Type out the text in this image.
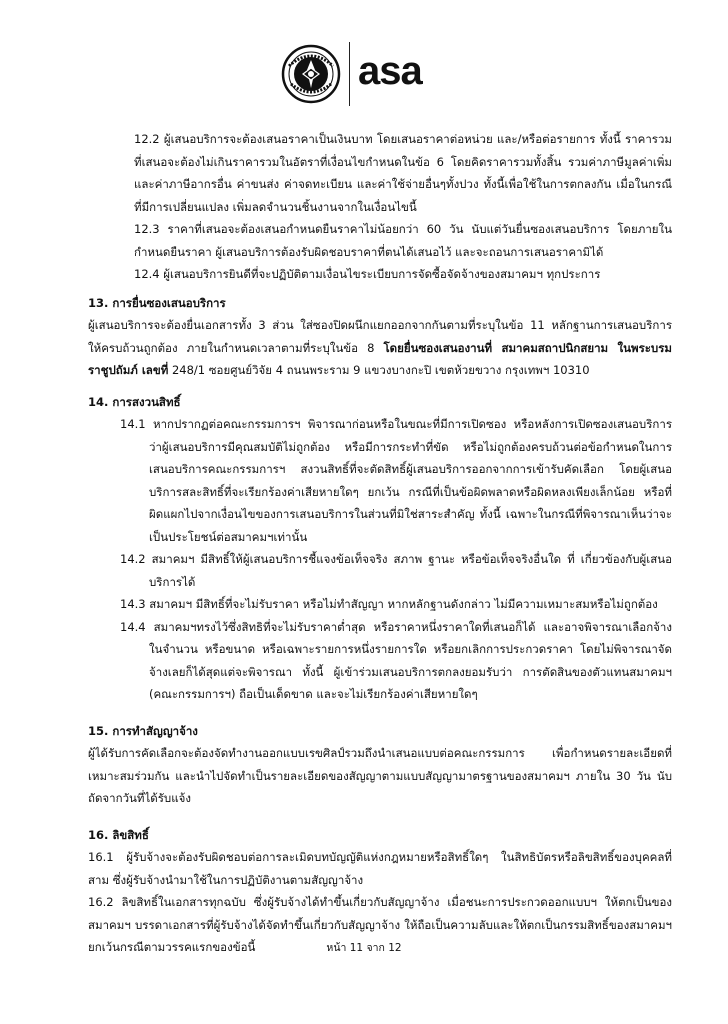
asa

12.2 ผู้เสนอบริการจะต้องเสนอราคาเป็นเงินบาท โดยเสนอราคาต่อหน่วย และ/หรือต่อรายการ ทั้งนี้ ราคารวมที่เสนอจะต้องไม่เกินราคารวมในอัตราที่เงื่อนไขกำหนดในข้อ 6 โดยคิดราคารวมทั้งสิ้น รวมค่าภาษีมูลค่าเพิ่ม และค่าภาษีอากรอื่น ค่าขนส่ง ค่าจดทะเบียน และค่าใช้จ่ายอื่นๆทั้งปวง ทั้งนี้เพื่อใช้ในการตกลงกัน เมื่อในกรณีที่มีการเปลี่ยนแปลง เพิ่มลดจำนวนชิ้นงานจากในเงื่อนไขนี้

12.3 ราคาที่เสนอจะต้องเสนอกำหนดยืนราคาไม่น้อยกว่า 60 วัน นับแต่วันยื่นซองเสนอบริการ โดยภายในกำหนดยืนราคา ผู้เสนอบริการต้องรับผิดชอบราคาที่ตนได้เสนอไว้ และจะถอนการเสนอราคามิได้

12.4 ผู้เสนอบริการยินดีที่จะปฏิบัติตามเงื่อนไขระเบียบการจัดซื้อจัดจ้างของสมาคมฯ ทุกประการ

13. การยื่นซองเสนอบริการ

ผู้เสนอบริการจะต้องยื่นเอกสารทั้ง 3 ส่วน ใส่ซองปิดผนึกแยกออกจากกันตามที่ระบุในข้อ 11 หลักฐานการเสนอบริการ ให้ครบถ้วนถูกต้อง ภายในกำหนดเวลาตามที่ระบุในข้อ 8 โดยยื่นซองเสนองานที่ สมาคมสถาปนิกสยาม ในพระบรมราชูปถัมภ์ เลขที่ 248/1 ซอยศูนย์วิจัย 4 ถนนพระราม 9 แขวงบางกะปิ เขตห้วยขวาง กรุงเทพฯ 10310

14. การสงวนสิทธิ์

14.1 หากปรากฏต่อคณะกรรมการฯ พิจารณาก่อนหรือในขณะที่มีการเปิดซอง หรือหลังการเปิดซองเสนอบริการว่าผู้เสนอบริการมีคุณสมบัติไม่ถูกต้อง หรือมีการกระทำที่ขัด หรือไม่ถูกต้องครบถ้วนต่อข้อกำหนดในการเสนอบริการคณะกรรมการฯ สงวนสิทธิ์ที่จะตัดสิทธิ์ผู้เสนอบริการออกจากการเข้ารับคัดเลือก โดยผู้เสนอบริการสละสิทธิ์ที่จะเรียกร้องค่าเสียหายใดๆ ยกเว้น กรณีที่เป็นข้อผิดพลาดหรือผิดหลงเพียงเล็กน้อย หรือที่ผิดแผกไปจากเงื่อนไขของการเสนอบริการในส่วนที่มิใช่สาระสำคัญ ทั้งนี้ เฉพาะในกรณีที่พิจารณาเห็นว่าจะเป็นประโยชน์ต่อสมาคมฯเท่านั้น

14.2 สมาคมฯ มีสิทธิ์ให้ผู้เสนอบริการชี้แจงข้อเท็จจริง สภาพ ฐานะ หรือข้อเท็จจริงอื่นใด ที่ เกี่ยวข้องกับผู้เสนอบริการได้

14.3 สมาคมฯ มีสิทธิ์ที่จะไม่รับราคา หรือไม่ทำสัญญา หากหลักฐานดังกล่าว ไม่มีความเหมาะสมหรือไม่ถูกต้อง

14.4 สมาคมฯทรงไว้ซึ่งสิทธิที่จะไม่รับราคาต่ำสุด หรือราคาหนึ่งราคาใดที่เสนอก็ได้ และอาจพิจารณาเลือกจ้างในจำนวน หรือขนาด หรือเฉพาะรายการหนึ่งรายการใด หรือยกเลิกการประกวดราคา โดยไม่พิจารณาจัดจ้างเลยก็ได้สุดแต่จะพิจารณา ทั้งนี้ ผู้เข้าร่วมเสนอบริการตกลงยอมรับว่า การตัดสินของตัวแทนสมาคมฯ (คณะกรรมการฯ) ถือเป็นเด็ดขาด และจะไม่เรียกร้องค่าเสียหายใดๆ

15. การทำสัญญาจ้าง

ผู้ได้รับการคัดเลือกจะต้องจัดทำงานออกแบบเรขศิลป์รวมถึงนำเสนอแบบต่อคณะกรรมการ เพื่อกำหนดรายละเอียดที่เหมาะสมร่วมกัน และนำไปจัดทำเป็นรายละเอียดของสัญญาตามแบบสัญญามาตรฐานของสมาคมฯ ภายใน 30 วัน นับถัดจากวันที่ได้รับแจ้ง

16. ลิขสิทธิ์

16.1 ผู้รับจ้างจะต้องรับผิดชอบต่อการละเมิดบทบัญญัติแห่งกฎหมายหรือสิทธิ์ใดๆ ในสิทธิบัตรหรือลิขสิทธิ์ของบุคคลที่สาม ซึ่งผู้รับจ้างนำมาใช้ในการปฏิบัติงานตามสัญญาจ้าง

16.2 ลิขสิทธิ์ในเอกสารทุกฉบับ ซึ่งผู้รับจ้างได้ทำขึ้นเกี่ยวกับสัญญาจ้าง เมื่อชนะการประกวดออกแบบฯ ให้ตกเป็นของสมาคมฯ บรรดาเอกสารที่ผู้รับจ้างได้จัดทำขึ้นเกี่ยวกับสัญญาจ้าง ให้ถือเป็นความลับและให้ตกเป็นกรรมสิทธิ์ของสมาคมฯ ยกเว้นกรณีตามวรรคแรกของข้อนี้	หน้า 11 จาก 12
